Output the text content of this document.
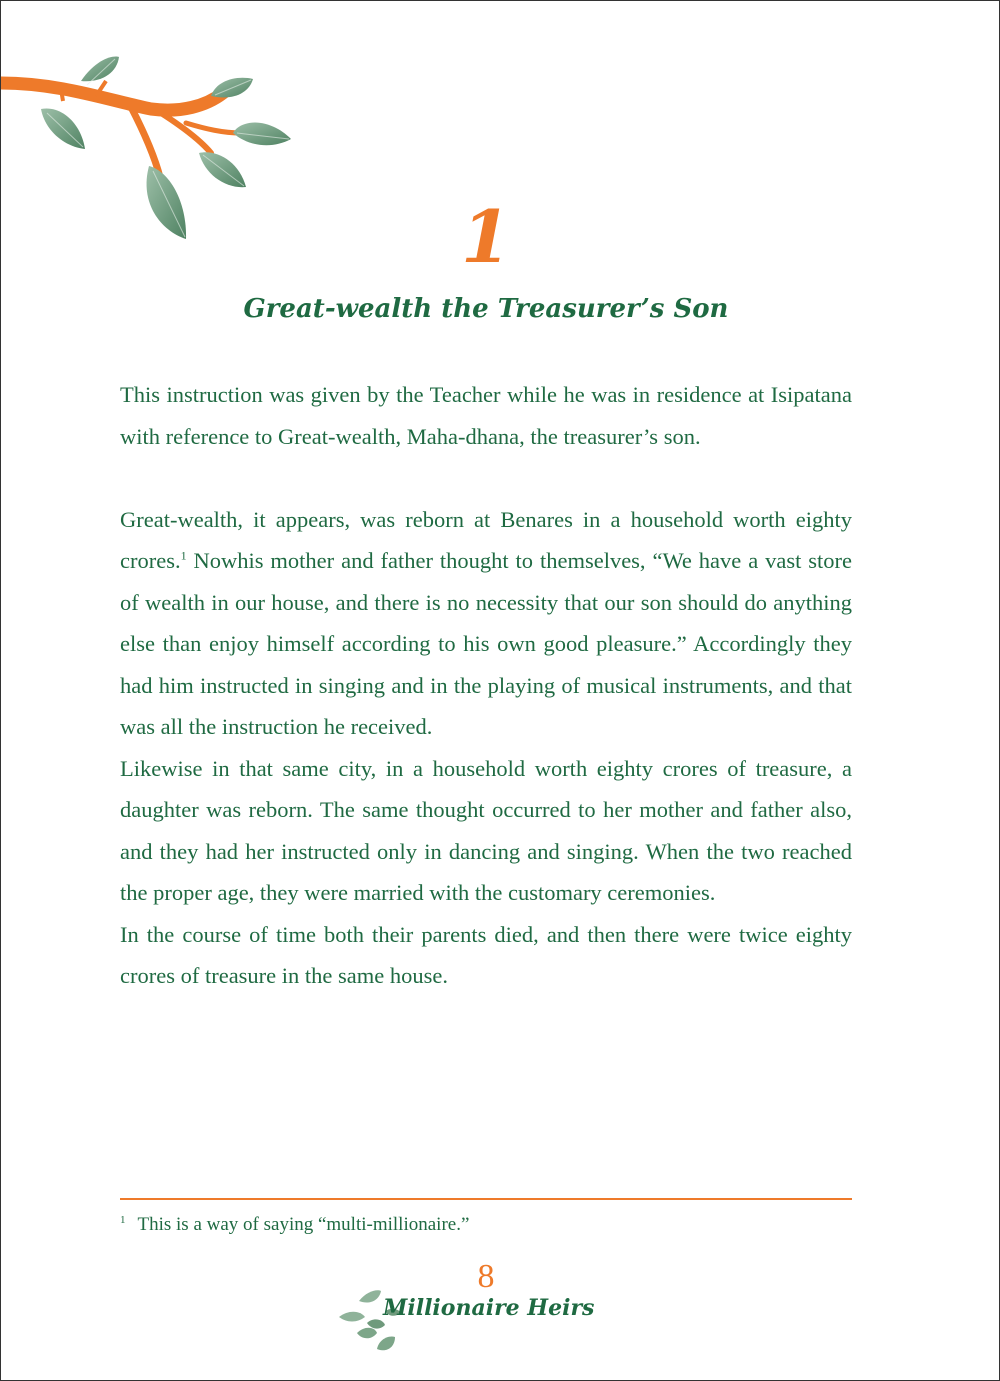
1
Great-wealth the Treasurer’s Son

This instruction was given by the Teacher while he was in residence at Isipatana with reference to Great-wealth, Maha-dhana, the treasurer’s son.

Great-wealth, it appears, was reborn at Benares in a household worth eighty crores.$^1$ Nowhis mother and father thought to themselves, “We have a vast store of wealth in our house, and there is no necessity that our son should do anything else than enjoy himself according to his own good pleasure.” Accordingly they had him instructed in singing and in the playing of musical instruments, and that was all the instruction he received.

Likewise in that same city, in a household worth eighty crores of treasure, a daughter was reborn. The same thought occurred to her mother and father also, and they had her instructed only in dancing and singing. When the two reached the proper age, they were married with the customary ceremonies.

In the course of time both their parents died, and then there were twice eighty crores of treasure in the same house.

$^1$ This is a way of saying “multi-millionaire.”
8
Millionaire Heirs
